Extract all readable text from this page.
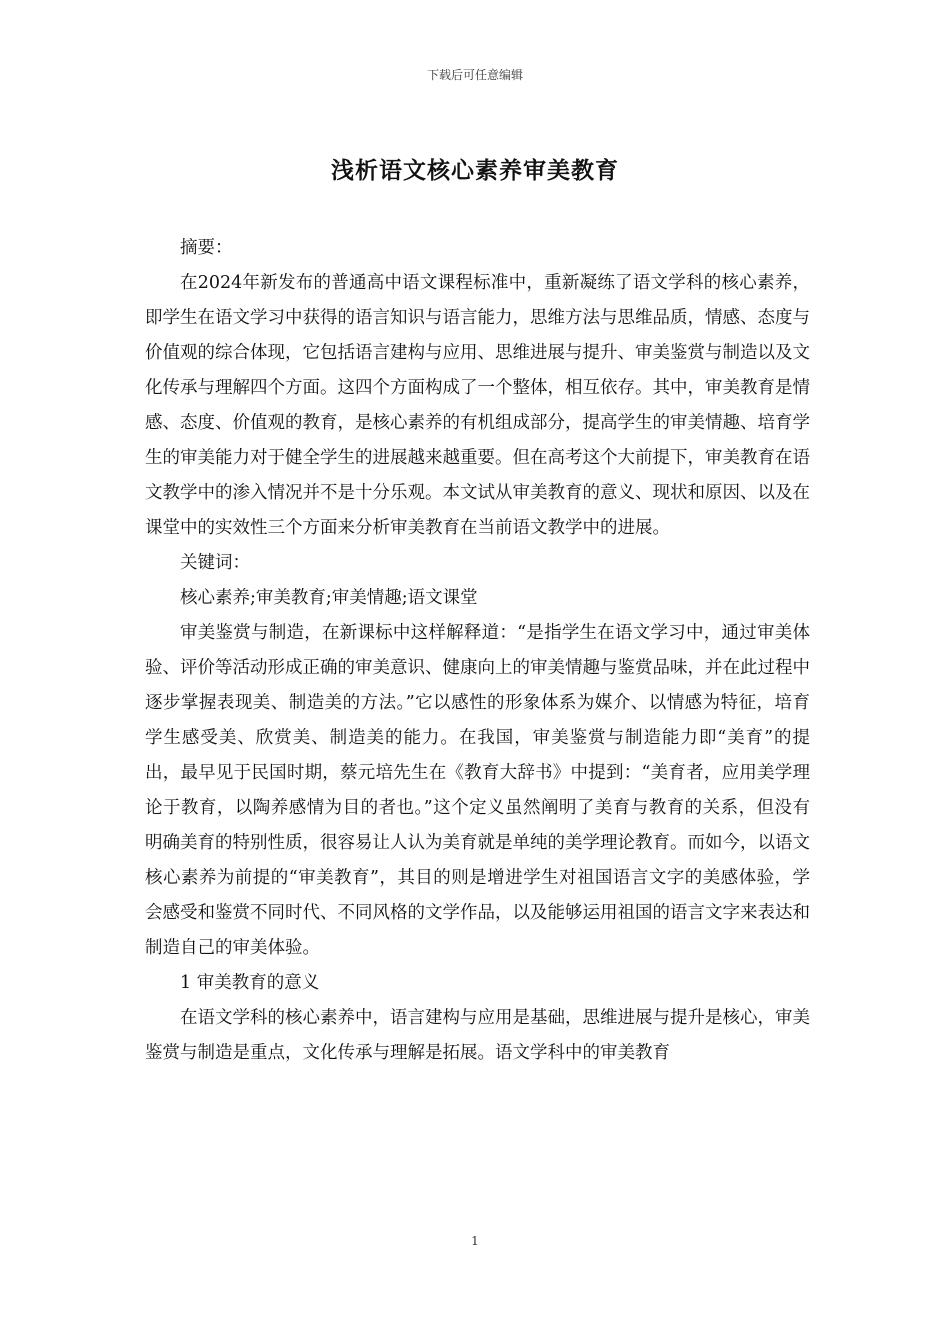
下载后可任意编辑
浅析语文核心素养审美教育

摘要：

在2024年新发布的普通高中语文课程标准中，重新凝练了语文学科的核心素养，即学生在语文学习中获得的语言知识与语言能力，思维方法与思维品质，情感、态度与价值观的综合体现，它包括语言建构与应用、思维进展与提升、审美鉴赏与制造以及文化传承与理解四个方面。这四个方面构成了一个整体，相互依存。其中，审美教育是情感、态度、价值观的教育，是核心素养的有机组成部分，提高学生的审美情趣、培育学生的审美能力对于健全学生的进展越来越重要。但在高考这个大前提下，审美教育在语文教学中的渗入情况并不是十分乐观。本文试从审美教育的意义、现状和原因、以及在课堂中的实效性三个方面来分析审美教育在当前语文教学中的进展。

关键词：

核心素养;审美教育;审美情趣;语文课堂

审美鉴赏与制造，在新课标中这样解释道：“是指学生在语文学习中，通过审美体验、评价等活动形成正确的审美意识、健康向上的审美情趣与鉴赏品味，并在此过程中逐步掌握表现美、制造美的方法。”它以感性的形象体系为媒介、以情感为特征，培育学生感受美、欣赏美、制造美的能力。在我国，审美鉴赏与制造能力即“美育”的提出，最早见于民国时期，蔡元培先生在《教育大辞书》中提到：“美育者，应用美学理论于教育，以陶养感情为目的者也。”这个定义虽然阐明了美育与教育的关系，但没有明确美育的特别性质，很容易让人认为美育就是单纯的美学理论教育。而如今，以语文核心素养为前提的“审美教育”，其目的则是增进学生对祖国语言文字的美感体验，学会感受和鉴赏不同时代、不同风格的文学作品，以及能够运用祖国的语言文字来表达和制造自己的审美体验。

1 审美教育的意义

在语文学科的核心素养中，语言建构与应用是基础，思维进展与提升是核心，审美鉴赏与制造是重点，文化传承与理解是拓展。语文学科中的审美教育

1
